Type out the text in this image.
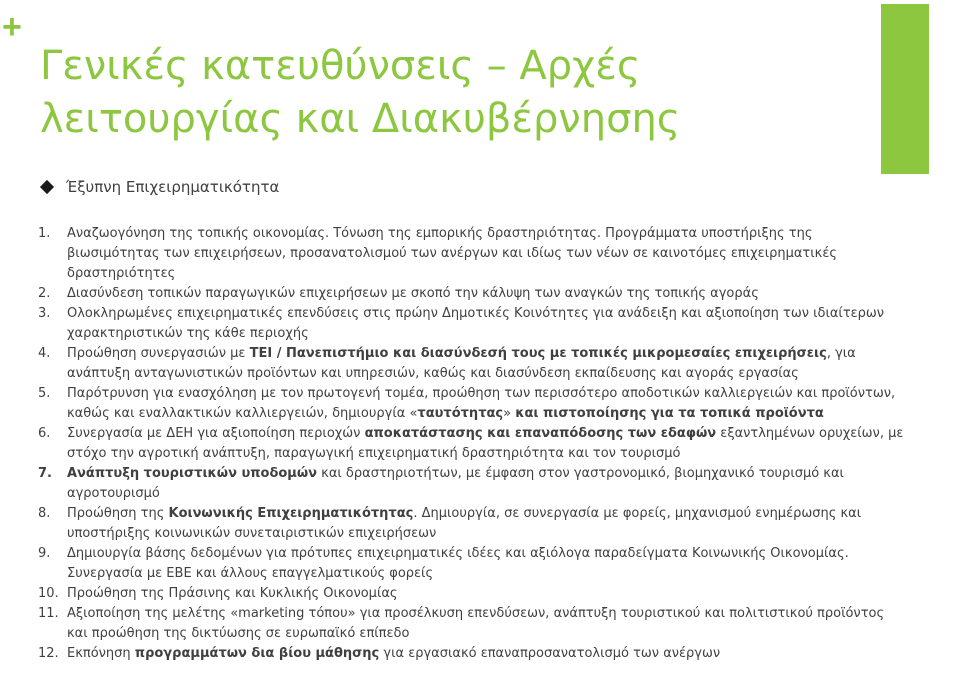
+
Γενικές κατευθύνσεις – Αρχές λειτουργίας και Διακυβέρνησης
Έξυπνη Επιχειρηματικότητα
1.	Αναζωογόνηση της τοπικής οικονομίας. Τόνωση της εμπορικής δραστηριότητας. Προγράμματα υποστήριξης της βιωσιμότητας των επιχειρήσεων, προσανατολισμού των ανέργων και ιδίως των νέων σε καινοτόμες επιχειρηματικές δραστηριότητες
2.	Διασύνδεση τοπικών παραγωγικών επιχειρήσεων με σκοπό την κάλυψη των αναγκών της τοπικής αγοράς
3.	Ολοκληρωμένες επιχειρηματικές επενδύσεις στις πρώην Δημοτικές Κοινότητες για ανάδειξη και αξιοποίηση των ιδιαίτερων χαρακτηριστικών της κάθε περιοχής
4.	Προώθηση συνεργασιών με ΤΕΙ / Πανεπιστήμιο και διασύνδεσή τους με τοπικές μικρομεσαίες επιχειρήσεις, για ανάπτυξη ανταγωνιστικών προϊόντων και υπηρεσιών, καθώς και διασύνδεση εκπαίδευσης και αγοράς εργασίας
5.	Παρότρυνση για ενασχόληση με τον πρωτογενή τομέα, προώθηση των περισσότερο αποδοτικών καλλιεργειών και προϊόντων, καθώς και εναλλακτικών καλλιεργειών, δημιουργία «ταυτότητας» και πιστοποίησης για τα τοπικά προϊόντα
6.	Συνεργασία με ΔΕΗ για αξιοποίηση περιοχών αποκατάστασης και επαναπόδοσης των εδαφών εξαντλημένων ορυχείων, με στόχο την αγροτική ανάπτυξη, παραγωγική επιχειρηματική δραστηριότητα και τον τουρισμό
7.	Ανάπτυξη τουριστικών υποδομών και δραστηριοτήτων, με έμφαση στον γαστρονομικό, βιομηχανικό τουρισμό και αγροτουρισμό
8.	Προώθηση της Κοινωνικής Επιχειρηματικότητας. Δημιουργία, σε συνεργασία με φορείς, μηχανισμού ενημέρωσης και υποστήριξης κοινωνικών συνεταιριστικών επιχειρήσεων
9.	Δημιουργία βάσης δεδομένων για πρότυπες επιχειρηματικές ιδέες και αξιόλογα παραδείγματα Κοινωνικής Οικονομίας. Συνεργασία με ΕΒΕ και άλλους επαγγελματικούς φορείς
10. Προώθηση της Πράσινης και Κυκλικής Οικονομίας
11. Αξιοποίηση της μελέτης «marketing τόπου» για προσέλκυση επενδύσεων, ανάπτυξη τουριστικού και πολιτιστικού προϊόντος και προώθηση της δικτύωσης σε ευρωπαϊκό επίπεδο
12. Εκπόνηση προγραμμάτων δια βίου μάθησης για εργασιακό επαναπροσανατολισμό των ανέργων
